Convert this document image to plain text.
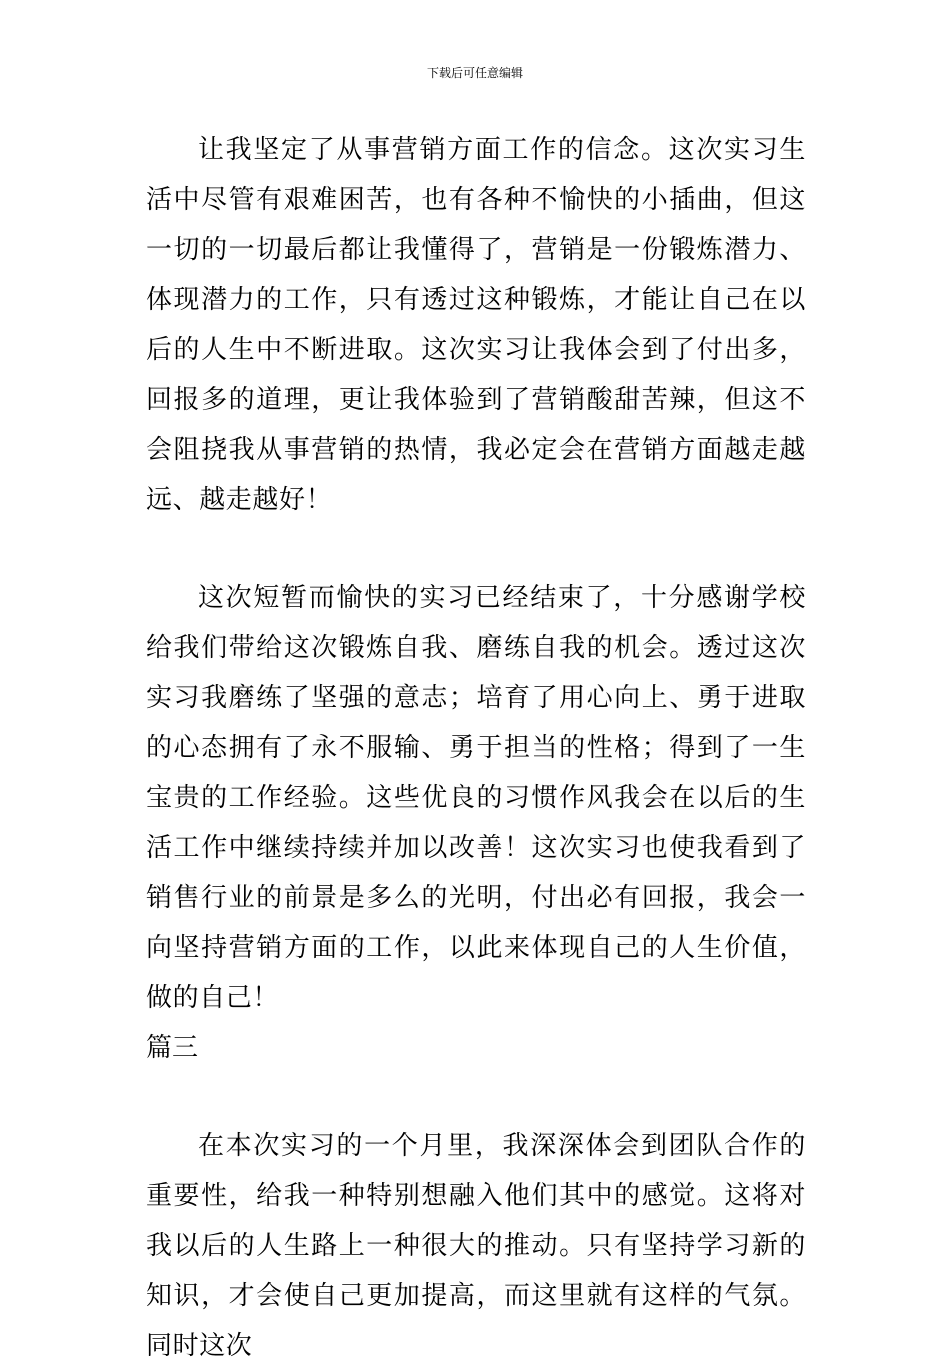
下载后可任意编辑

让我坚定了从事营销方面工作的信念。这次实习生活中尽管有艰难困苦，也有各种不愉快的小插曲，但这一切的一切最后都让我懂得了，营销是一份锻炼潜力、体现潜力的工作，只有透过这种锻炼，才能让自己在以后的人生中不断进取。这次实习让我体会到了付出多，回报多的道理，更让我体验到了营销酸甜苦辣，但这不会阻挠我从事营销的热情，我必定会在营销方面越走越远、越走越好！

这次短暂而愉快的实习已经结束了，十分感谢学校给我们带给这次锻炼自我、磨练自我的机会。透过这次实习我磨练了坚强的意志；培育了用心向上、勇于进取的心态拥有了永不服输、勇于担当的性格；得到了一生宝贵的工作经验。这些优良的习惯作风我会在以后的生活工作中继续持续并加以改善！这次实习也使我看到了销售行业的前景是多么的光明，付出必有回报，我会一向坚持营销方面的工作，以此来体现自己的人生价值，做的自己！

篇三

在本次实习的一个月里，我深深体会到团队合作的重要性，给我一种特别想融入他们其中的感觉。这将对我以后的人生路上一种很大的推动。只有坚持学习新的知识，才会使自己更加提高，而这里就有这样的气氛。同时这次
